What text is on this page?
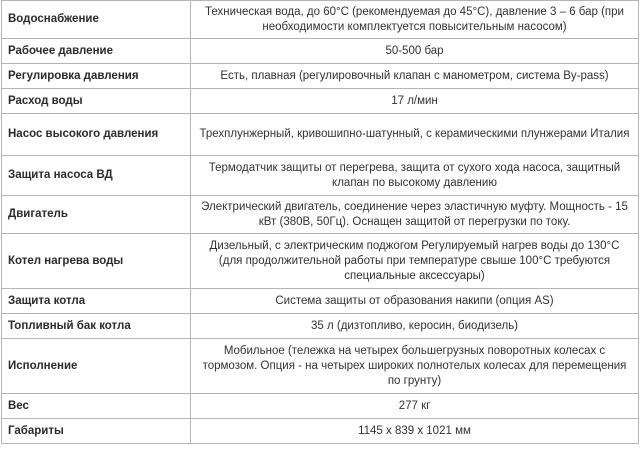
Водоснабжение	Техническая вода, до 60°С (рекомендуемая до 45°С), давление 3 – 6 бар (при необходимости комплектуется повысительным насосом)
Рабочее давление	50-500 бар
Регулировка давления	Есть, плавная (регулировочный клапан с манометром, система By-pass)
Расход воды	17 л/мин
Насос высокого давления	Трехплунжерный, кривошипно-шатунный, с керамическими плунжерами Италия
Защита насоса ВД	Термодатчик защиты от перегрева, защита от сухого хода насоса, защитный клапан по высокому давлению
Двигатель	Электрический двигатель, соединение через эластичную муфту. Мощность - 15 кВт (380В, 50Гц). Оснащен защитой от перегрузки по току.
Котел нагрева воды	Дизельный, с электрическим поджогом Регулируемый нагрев воды до 130°С (для продолжительной работы при температуре свыше 100°С требуются специальные аксессуары)
Защита котла	Система защиты от образования накипи (опция AS)
Топливный бак котла	35 л (дизтопливо, керосин, биодизель)
Исполнение	Мобильное (тележка на четырех большегрузных поворотных колесах с тормозом. Опция - на четырех широких полнотелых колесах для перемещения по грунту)
Вес	277 кг
Габариты	1145 х 839 х 1021 мм
